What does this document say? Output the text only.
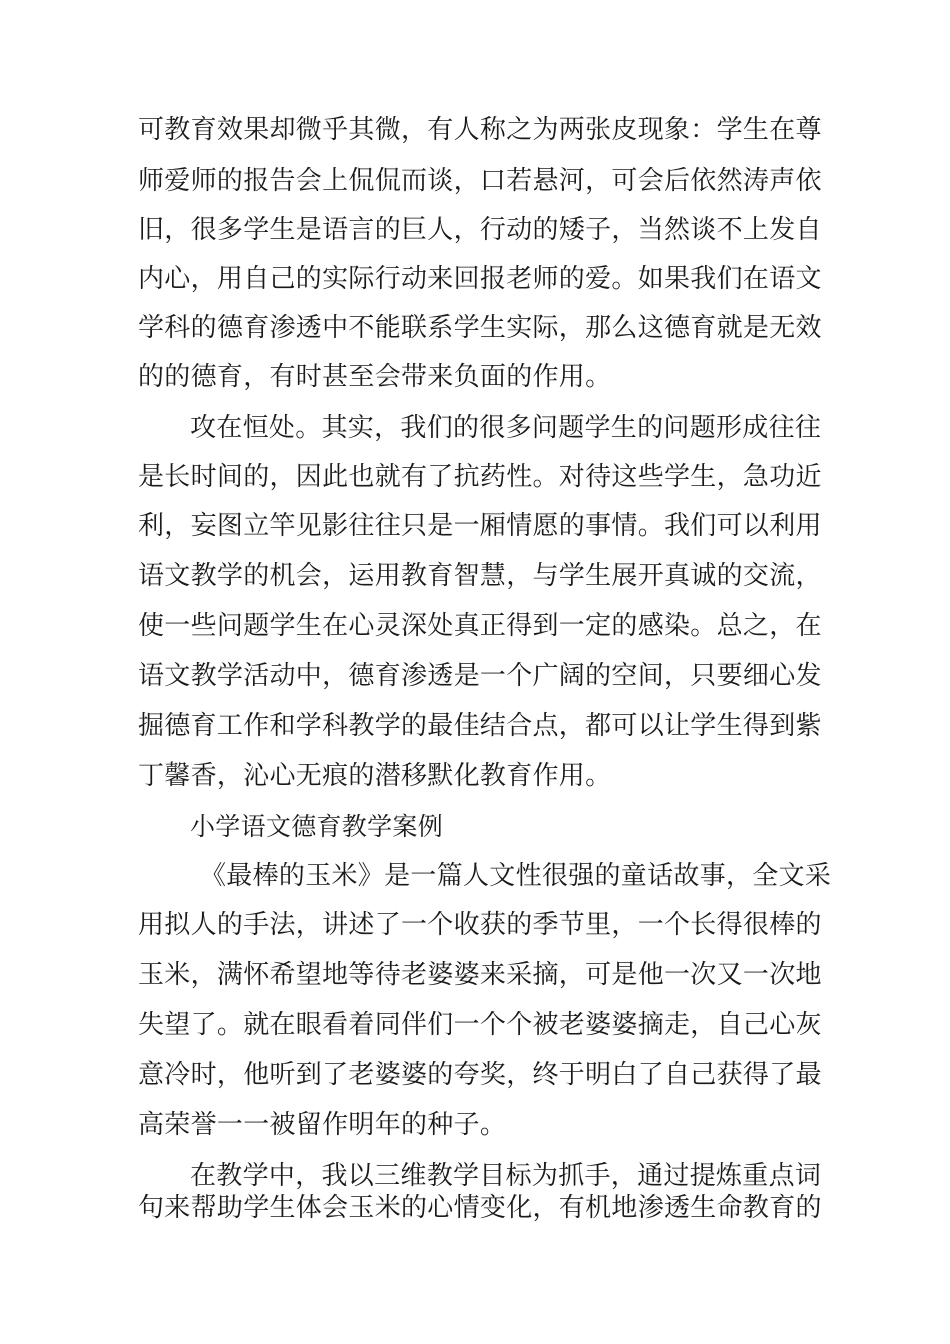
可教育效果却微乎其微，有人称之为两张皮现象：学生在尊
师爱师的报告会上侃侃而谈，口若悬河，可会后依然涛声依
旧，很多学生是语言的巨人，行动的矮子，当然谈不上发自
内心，用自己的实际行动来回报老师的爱。如果我们在语文
学科的德育渗透中不能联系学生实际，那么这德育就是无效
的的德育，有时甚至会带来负面的作用。
攻在恒处。其实，我们的很多问题学生的问题形成往往
是长时间的，因此也就有了抗药性。对待这些学生，急功近
利，妄图立竿见影往往只是一厢情愿的事情。我们可以利用
语文教学的机会，运用教育智慧，与学生展开真诚的交流，
使一些问题学生在心灵深处真正得到一定的感染。总之，在
语文教学活动中，德育渗透是一个广阔的空间，只要细心发
掘德育工作和学科教学的最佳结合点，都可以让学生得到紫
丁馨香，沁心无痕的潜移默化教育作用。
小学语文德育教学案例
《最棒的玉米》是一篇人文性很强的童话故事，全文采
用拟人的手法，讲述了一个收获的季节里，一个长得很棒的
玉米，满怀希望地等待老婆婆来采摘，可是他一次又一次地
失望了。就在眼看着同伴们一个个被老婆婆摘走，自己心灰
意冷时，他听到了老婆婆的夸奖，终于明白了自己获得了最
高荣誉一一被留作明年的种子。
在教学中，我以三维教学目标为抓手，通过提炼重点词
句来帮助学生体会玉米的心情变化，有机地渗透生命教育的
